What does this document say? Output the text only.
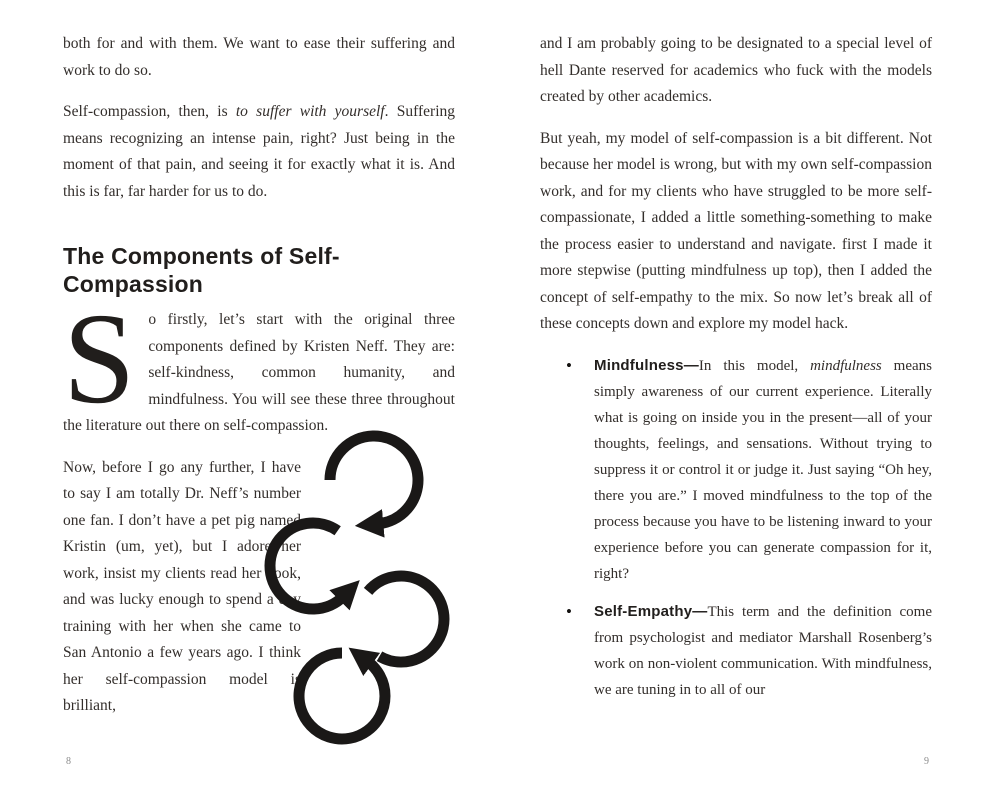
both for and with them. We want to ease their suffering and work to do so.

Self-compassion, then, is to suffer with yourself. Suffering means recognizing an intense pain, right? Just being in the moment of that pain, and seeing it for exactly what it is. And this is far, far harder for us to do.

The Components of Self-Compassion

So firstly, let’s start with the original three components defined by Kristen Neff. They are: self-kindness, common humanity, and mindfulness. You will see these three throughout the literature out there on self-compassion.

Now, before I go any further, I have to say I am totally Dr. Neff’s number one fan. I don’t have a pet pig named Kristin (um, yet), but I adore her work, insist my clients read her book, and was lucky enough to spend a day training with her when she came to San Antonio a few years ago. I think her self-compassion model is brilliant,

8

and I am probably going to be designated to a special level of hell Dante reserved for academics who fuck with the models created by other academics.

But yeah, my model of self-compassion is a bit different. Not because her model is wrong, but with my own self-compassion work, and for my clients who have struggled to be more self-compassionate, I added a little something-something to make the process easier to understand and navigate. first I made it more stepwise (putting mindfulness up top), then I added the concept of self-empathy to the mix. So now let’s break all of these concepts down and explore my model hack.

•	Mindfulness—In this model, mindfulness means simply awareness of our current experience. Literally what is going on inside you in the present—all of your thoughts, feelings, and sensations. Without trying to suppress it or control it or judge it. Just saying “Oh hey, there you are.” I moved mindfulness to the top of the process because you have to be listening inward to your experience before you can generate compassion for it, right?
•	Self-Empathy—This term and the definition come from psychologist and mediator Marshall Rosenberg’s work on non-violent communication. With mindfulness, we are tuning in to all of our
9
